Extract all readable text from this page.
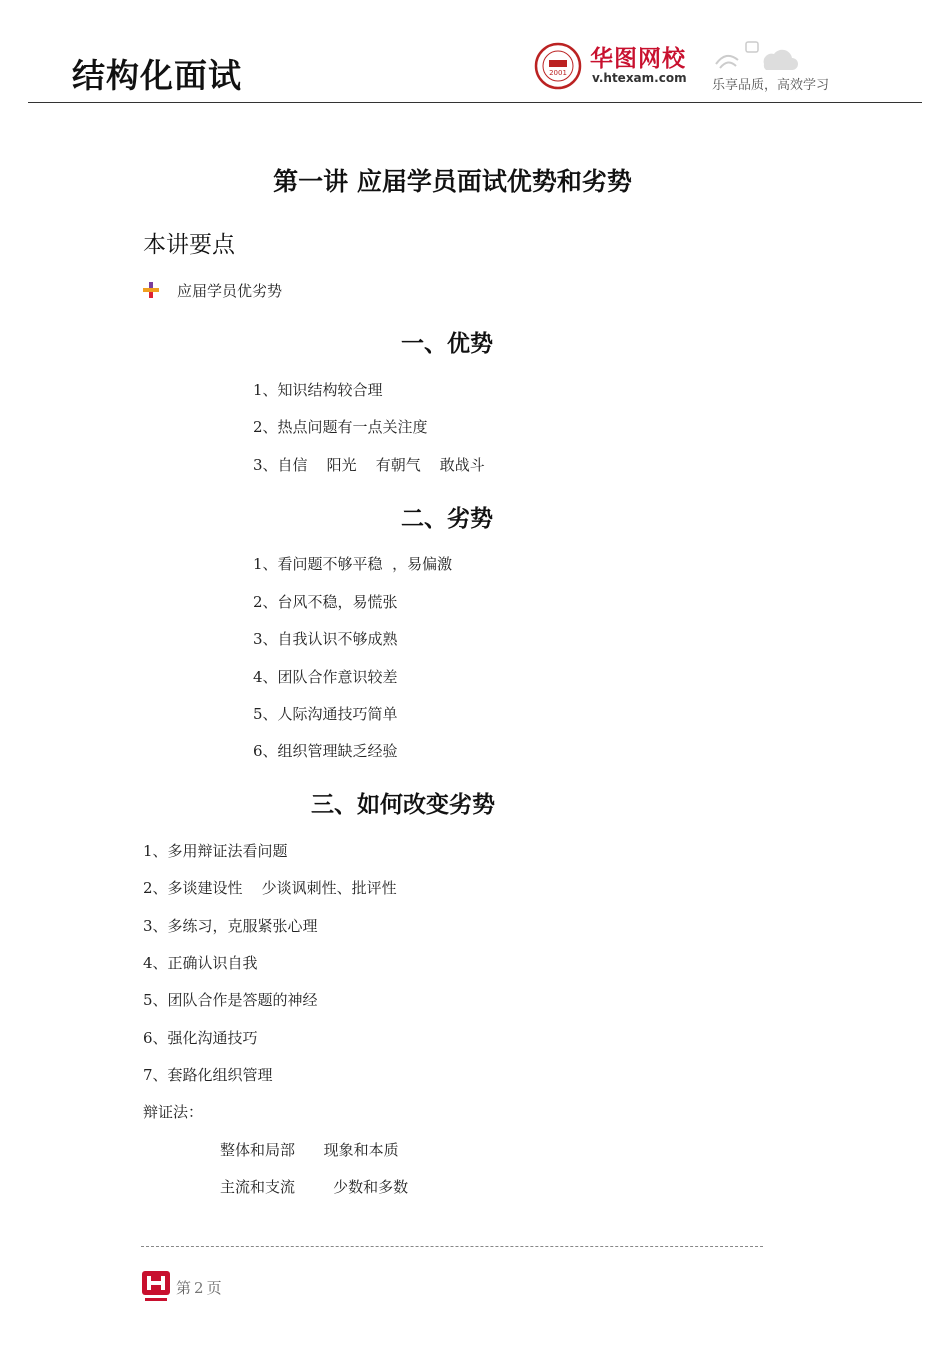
结构化面试	2001
华图网校
v.htexam.com 乐享品质，高效学习
第一讲 应届学员面试优势和劣势
本讲要点
应届学员优劣势
一、优势
1、知识结构较合理
2、热点问题有一点关注度
3、自信    阳光    有朝气    敢战斗
二、劣势
1、看问题不够平稳  ，易偏激
2、台风不稳，易慌张
3、自我认识不够成熟
4、团队合作意识较差
5、人际沟通技巧简单
6、组织管理缺乏经验
三、如何改变劣势
1、多用辩证法看问题
2、多谈建设性    少谈讽刺性、批评性
3、多练习，克服紧张心理
4、正确认识自我
5、团队合作是答题的神经
6、强化沟通技巧
7、套路化组织管理
辩证法：
整体和局部      现象和本质
主流和支流        少数和多数
第 2 页
